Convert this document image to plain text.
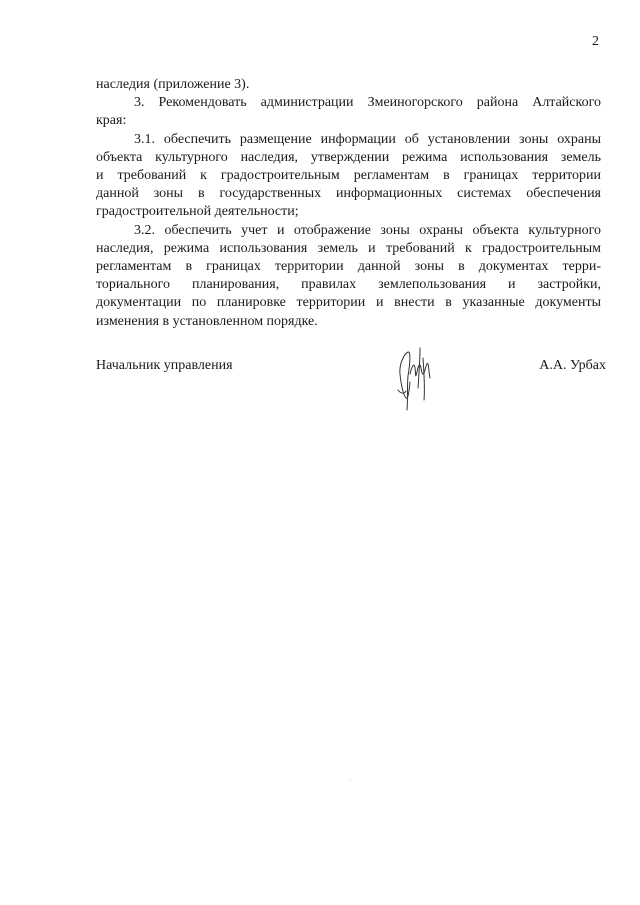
2
наследия (приложение 3).
3. Рекомендовать администрации Змеиногорского района Алтайского
края:
3.1. обеспечить размещение информации об установлении зоны охраны
объекта культурного наследия, утверждении режима использования земель
и требований к градостроительным регламентам в границах территории
данной зоны в государственных информационных системах обеспечения
градостроительной деятельности;
3.2. обеспечить учет и отображение зоны охраны объекта культурного
наследия, режима использования земель и требований к градостроительным
регламентам в границах территории данной зоны в документах терри-
ториального планирования, правилах землепользования и застройки,
документации по планировке территории и внести в указанные документы
изменения в установленном порядке.
Начальник управления	А.А. Урбах
